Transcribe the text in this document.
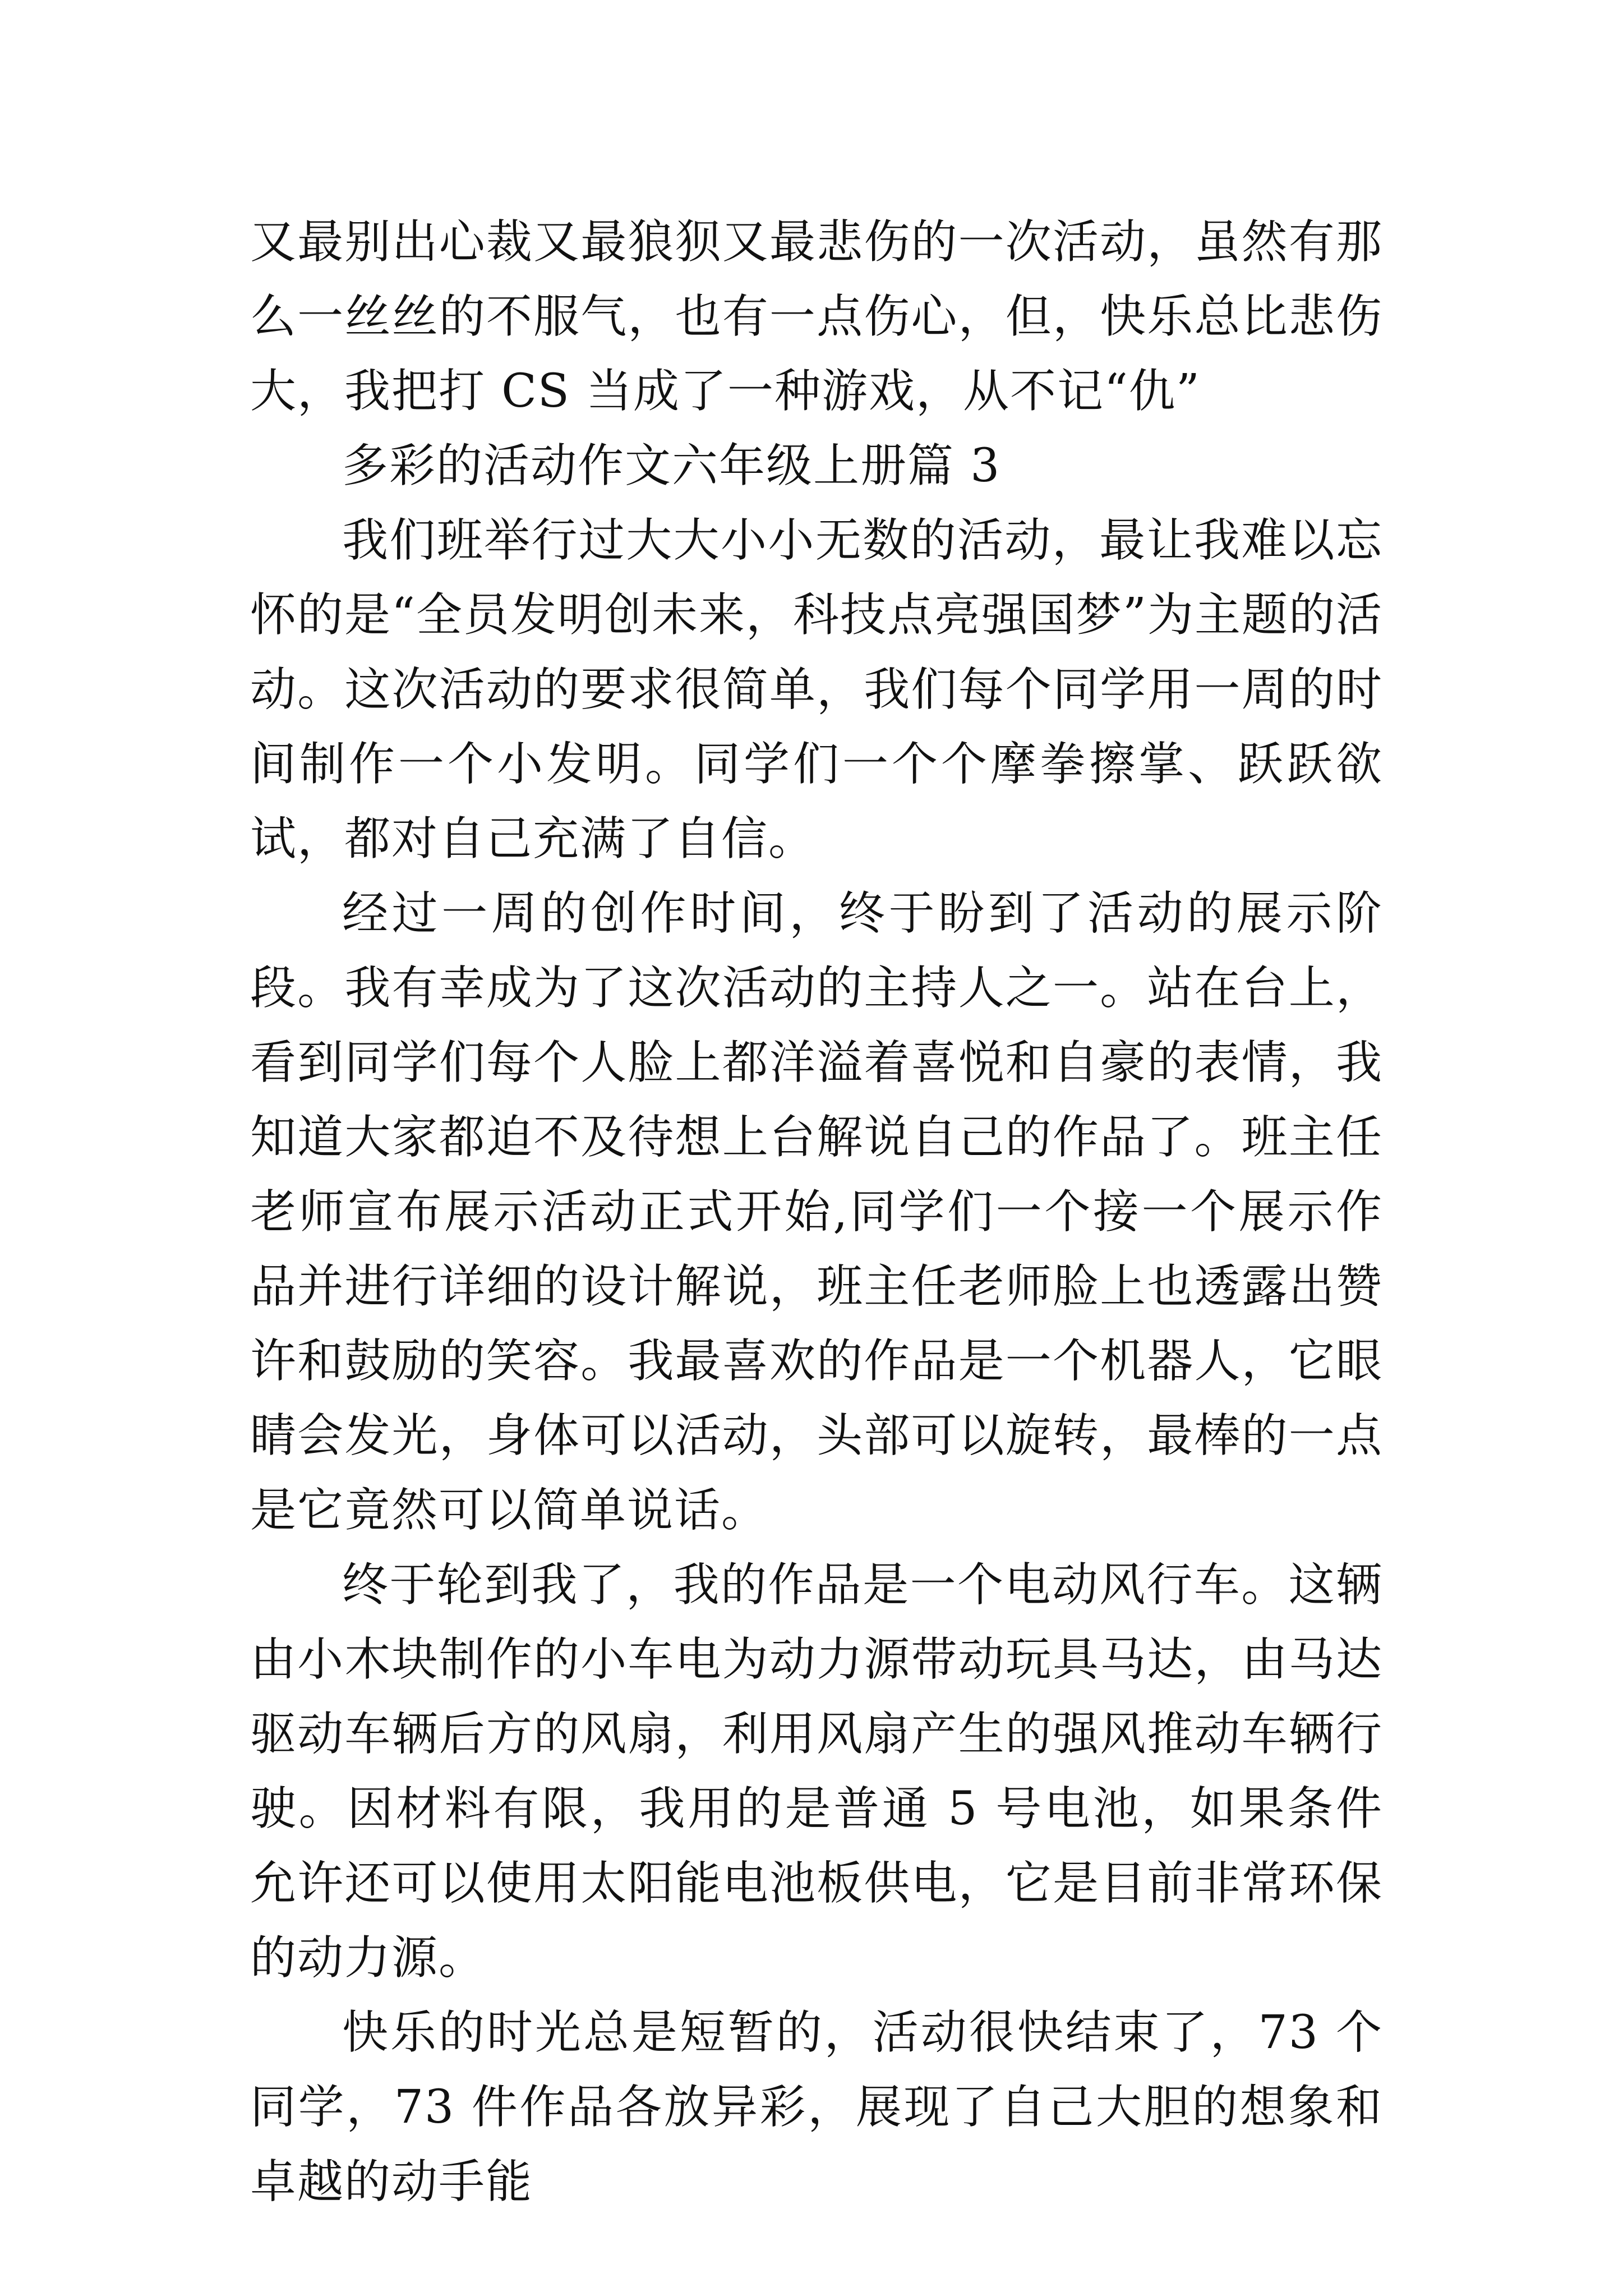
又最别出心裁又最狼狈又最悲伤的一次活动，虽然有那么一丝丝的不服气，也有一点伤心，但，快乐总比悲伤大，我把打 CS 当成了一种游戏，从不记“仇”

多彩的活动作文六年级上册篇 3

我们班举行过大大小小无数的活动，最让我难以忘怀的是“全员发明创未来，科技点亮强国梦”为主题的活动。这次活动的要求很简单，我们每个同学用一周的时间制作一个小发明。同学们一个个摩拳擦掌、跃跃欲试，都对自己充满了自信。

经过一周的创作时间，终于盼到了活动的展示阶段。我有幸成为了这次活动的主持人之一。站在台上，看到同学们每个人脸上都洋溢着喜悦和自豪的表情，我知道大家都迫不及待想上台解说自己的作品了。班主任老师宣布展示活动正式开始,同学们一个接一个展示作品并进行详细的设计解说，班主任老师脸上也透露出赞许和鼓励的笑容。我最喜欢的作品是一个机器人，它眼睛会发光，身体可以活动，头部可以旋转，最棒的一点是它竟然可以简单说话。

终于轮到我了，我的作品是一个电动风行车。这辆由小木块制作的小车电为动力源带动玩具马达，由马达驱动车辆后方的风扇，利用风扇产生的强风推动车辆行驶。因材料有限，我用的是普通 5 号电池，如果条件允许还可以使用太阳能电池板供电，它是目前非常环保的动力源。

快乐的时光总是短暂的，活动很快结束了，73 个同学，73 件作品各放异彩，展现了自己大胆的想象和卓越的动手能
